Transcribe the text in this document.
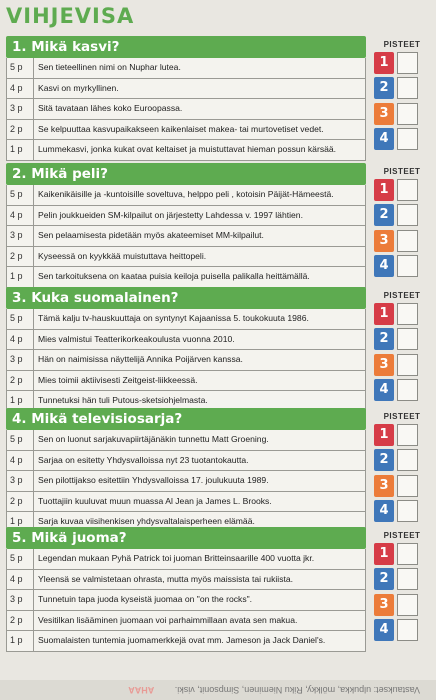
VIHJEVISA
1. Mikä kasvi?
5 p	Sen tieteellinen nimi on Nuphar lutea.
4 p	Kasvi on myrkyllinen.
3 p	Sitä tavataan lähes koko Euroopassa.
2 p	Se kelpuuttaa kasvupaikakseen kaikenlaiset makea- tai murtovetiset vedet.
1 p	Lummekasvi, jonka kukat ovat keltaiset ja muistuttavat hieman possun kärsää.
PISTEET
1
2
3
4
2. Mikä peli?
5 p	Kaikenikäisille ja -kuntoisille soveltuva, helppo peli , kotoisin Päijät-Hämeestä.
4 p	Pelin joukkueiden SM-kilpailut on järjestetty Lahdessa v. 1997 lähtien.
3 p	Sen pelaamisesta pidetään myös akateemiset MM-kilpailut.
2 p	Kyseessä on kyykkää muistuttava heittopeli.
1 p	Sen tarkoituksena on kaataa puisia keiloja puisella palikalla heittämällä.
PISTEET
1
2
3
4
3. Kuka suomalainen?
5 p	Tämä kalju tv-hauskuuttaja on syntynyt Kajaanissa 5. toukokuuta 1986.
4 p	Mies valmistui Teatterikorkeakoulusta vuonna 2010.
3 p	Hän on naimisissa näyttelijä Annika Poijärven kanssa.
2 p	Mies toimii aktiivisesti Zeitgeist-liikkeessä.
1 p	Tunnetuksi hän tuli Putous-sketsiohjelmasta.
PISTEET
1
2
3
4
4. Mikä televisiosarja?
5 p	Sen on luonut sarjakuvapiirtäjänäkin tunnettu Matt Groening.
4 p	Sarjaa on esitetty Yhdysvalloissa nyt 23 tuotantokautta.
3 p	Sen pilottijakso esitettiin Yhdysvalloissa 17. joulukuuta 1989.
2 p	Tuottajiin kuuluvat muun muassa Al Jean ja James L. Brooks.
1 p	Sarja kuvaa viisihenkisen yhdysvaltalaisperheen elämää.
PISTEET
1
2
3
4
5. Mikä juoma?
5 p	Legendan mukaan Pyhä Patrick toi juoman Britteinsaarille 400 vuotta jkr.
4 p	Yleensä se valmistetaan ohrasta, mutta myös maissista tai rukiista.
3 p	Tunnetuin tapa juoda kyseistä juomaa on "on the rocks".
2 p	Vesitilkan lisääminen juomaan voi parhaimmillaan avata sen makua.
1 p	Suomalaisten tuntemia juomamerkkejä ovat mm. Jameson ja Jack Daniel's.
PISTEET
1
2
3
4
Vastaukset: ulpukka, mölkky, Riku Nieminen, Simpsonit, viski. AHAA
